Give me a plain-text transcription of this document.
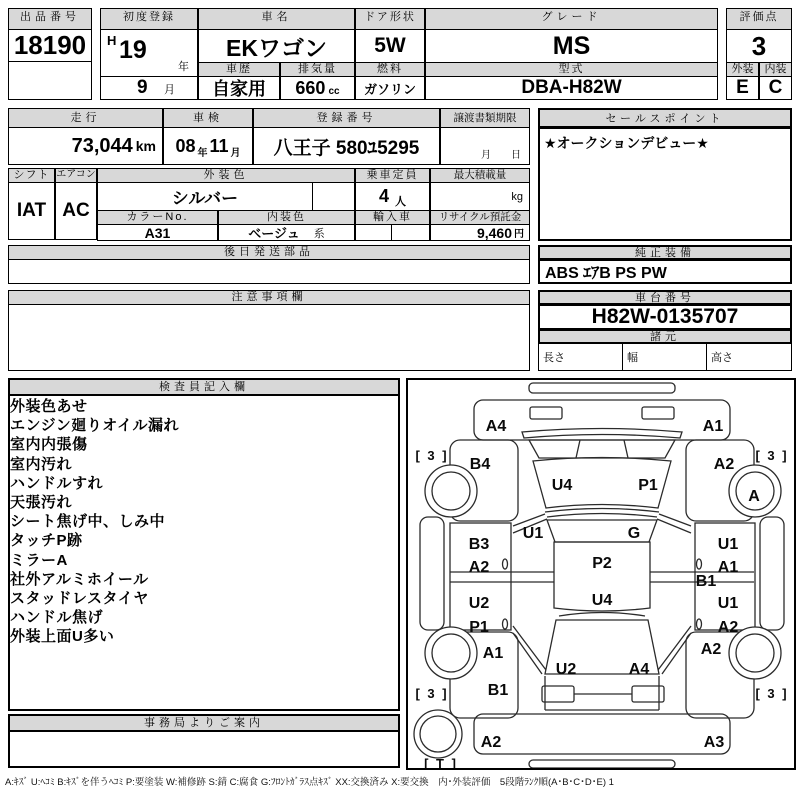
出品番号
18190
初度登録
H 19
年
9 月
車名
EKワゴン
車歴
自家用
排気量
660 cc
ドア形状
5W
燃料
ガソリン
グレード
MS
型式
DBA-H82W
評価点
3
外装	内装
E	C
走行
73,044 km
車検
08 年 11 月
登録番号
八王子 580ﾕ5295
譲渡書類期限
月　　日
セールスポイント
★オークションデビュー★
シフト
IAT
エアコン
AC
外装色
シルバー
カラーNo.
A31
内装色
ベージュ 系
乗車定員
4 人
輸入車
最大積載量
kg
リサイクル預託金
9,460 円
後日発送部品	純正装備
ABS ｴｱB PS PW
注意事項欄	車台番号
H82W-0135707
諸元
長さ	幅	高さ
検査員記入欄
外装色あせ
エンジン廻りオイル漏れ
室内内張傷
室内汚れ
ハンドルすれ
天張汚れ
シート焦げ中、しみ中
タッチP跡
ミラーA
社外アルミホイール
スタッドレスタイヤ
ハンドル焦げ
外装上面U多い
事務局よりご案内
A4	A1
[ 3 ]	[ 3 ]
B4	A2
U4	P1
A
U1	G
B3
A2
U1
A1
P2
B1
U2
P1
U1
A2
U4
A1	A2
U2	A4
B1
A2	A3
[ 3 ]	[ 3 ]
[ T ]
A:ｷｽﾞ U:ﾍｺﾐ B:ｷｽﾞを伴うﾍｺﾐ P:要塗装 W:補修跡 S:錆 C:腐食 G:ﾌﾛﾝﾄｶﾞﾗｽ点ｷｽﾞ XX:交換済み X:要交換　内･外装評価　5段階ﾗﾝｸ順(A･B･C･D･E) 1
